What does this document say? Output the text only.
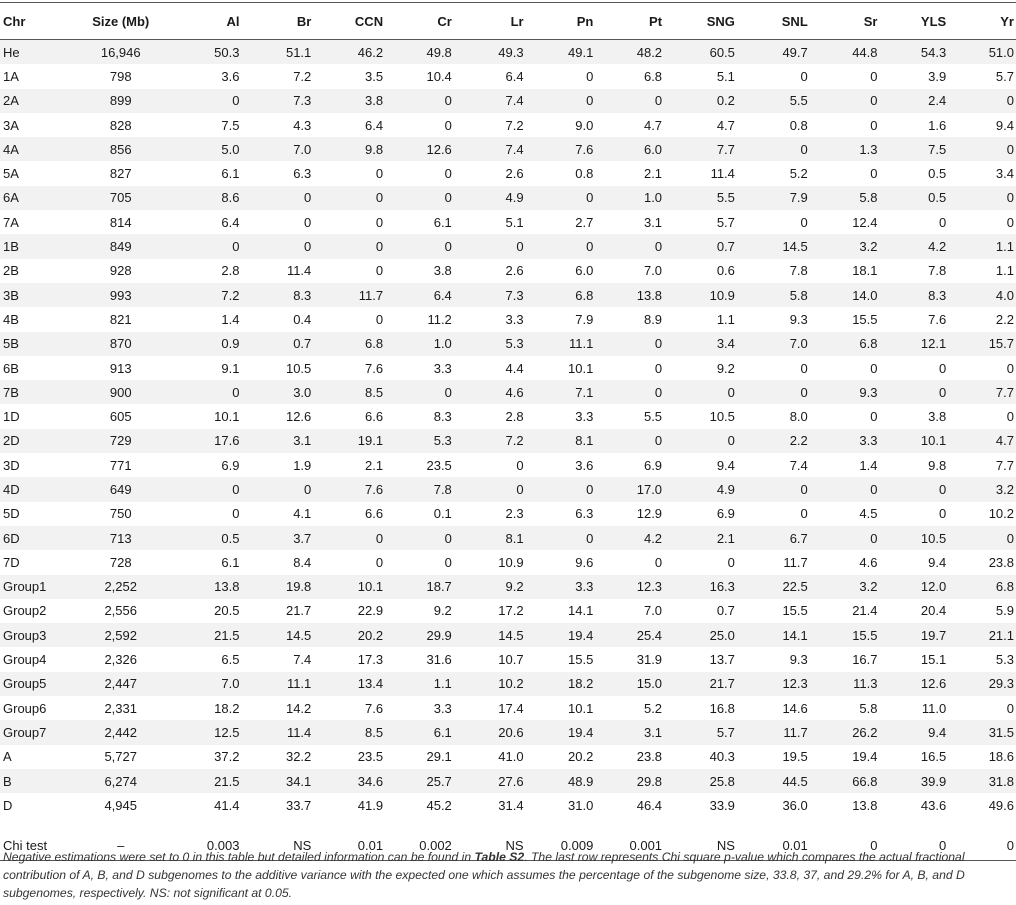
Chr	Size (Mb)	Al	Br	CCN	Cr	Lr	Pn	Pt	SNG	SNL	Sr	YLS	Yr
He	16,946	50.3	51.1	46.2	49.8	49.3	49.1	48.2	60.5	49.7	44.8	54.3	51.0
1A	798	3.6	7.2	3.5	10.4	6.4	0	6.8	5.1	0	0	3.9	5.7
2A	899	0	7.3	3.8	0	7.4	0	0	0.2	5.5	0	2.4	0
3A	828	7.5	4.3	6.4	0	7.2	9.0	4.7	4.7	0.8	0	1.6	9.4
4A	856	5.0	7.0	9.8	12.6	7.4	7.6	6.0	7.7	0	1.3	7.5	0
5A	827	6.1	6.3	0	0	2.6	0.8	2.1	11.4	5.2	0	0.5	3.4
6A	705	8.6	0	0	0	4.9	0	1.0	5.5	7.9	5.8	0.5	0
7A	814	6.4	0	0	6.1	5.1	2.7	3.1	5.7	0	12.4	0	0
1B	849	0	0	0	0	0	0	0	0.7	14.5	3.2	4.2	1.1
2B	928	2.8	11.4	0	3.8	2.6	6.0	7.0	0.6	7.8	18.1	7.8	1.1
3B	993	7.2	8.3	11.7	6.4	7.3	6.8	13.8	10.9	5.8	14.0	8.3	4.0
4B	821	1.4	0.4	0	11.2	3.3	7.9	8.9	1.1	9.3	15.5	7.6	2.2
5B	870	0.9	0.7	6.8	1.0	5.3	11.1	0	3.4	7.0	6.8	12.1	15.7
6B	913	9.1	10.5	7.6	3.3	4.4	10.1	0	9.2	0	0	0	0
7B	900	0	3.0	8.5	0	4.6	7.1	0	0	0	9.3	0	7.7
1D	605	10.1	12.6	6.6	8.3	2.8	3.3	5.5	10.5	8.0	0	3.8	0
2D	729	17.6	3.1	19.1	5.3	7.2	8.1	0	0	2.2	3.3	10.1	4.7
3D	771	6.9	1.9	2.1	23.5	0	3.6	6.9	9.4	7.4	1.4	9.8	7.7
4D	649	0	0	7.6	7.8	0	0	17.0	4.9	0	0	0	3.2
5D	750	0	4.1	6.6	0.1	2.3	6.3	12.9	6.9	0	4.5	0	10.2
6D	713	0.5	3.7	0	0	8.1	0	4.2	2.1	6.7	0	10.5	0
7D	728	6.1	8.4	0	0	10.9	9.6	0	0	11.7	4.6	9.4	23.8
Group1	2,252	13.8	19.8	10.1	18.7	9.2	3.3	12.3	16.3	22.5	3.2	12.0	6.8
Group2	2,556	20.5	21.7	22.9	9.2	17.2	14.1	7.0	0.7	15.5	21.4	20.4	5.9
Group3	2,592	21.5	14.5	20.2	29.9	14.5	19.4	25.4	25.0	14.1	15.5	19.7	21.1
Group4	2,326	6.5	7.4	17.3	31.6	10.7	15.5	31.9	13.7	9.3	16.7	15.1	5.3
Group5	2,447	7.0	11.1	13.4	1.1	10.2	18.2	15.0	21.7	12.3	11.3	12.6	29.3
Group6	2,331	18.2	14.2	7.6	3.3	17.4	10.1	5.2	16.8	14.6	5.8	11.0	0
Group7	2,442	12.5	11.4	8.5	6.1	20.6	19.4	3.1	5.7	11.7	26.2	9.4	31.5
A	5,727	37.2	32.2	23.5	29.1	41.0	20.2	23.8	40.3	19.5	19.4	16.5	18.6
B	6,274	21.5	34.1	34.6	25.7	27.6	48.9	29.8	25.8	44.5	66.8	39.9	31.8
D	4,945	41.4	33.7	41.9	45.2	31.4	31.0	46.4	33.9	36.0	13.8	43.6	49.6

Chi test	–	0.003	NS	0.01	0.002	NS	0.009	0.001	NS	0.01	0	0	0
Negative estimations were set to 0 in this table but detailed information can be found in Table S2. The last row represents Chi square p-value which compares the actual fractional contribution of A, B, and D subgenomes to the additive variance with the expected one which assumes the percentage of the subgenome size, 33.8, 37, and 29.2% for A, B, and D subgenomes, respectively. NS: not significant at 0.05.
